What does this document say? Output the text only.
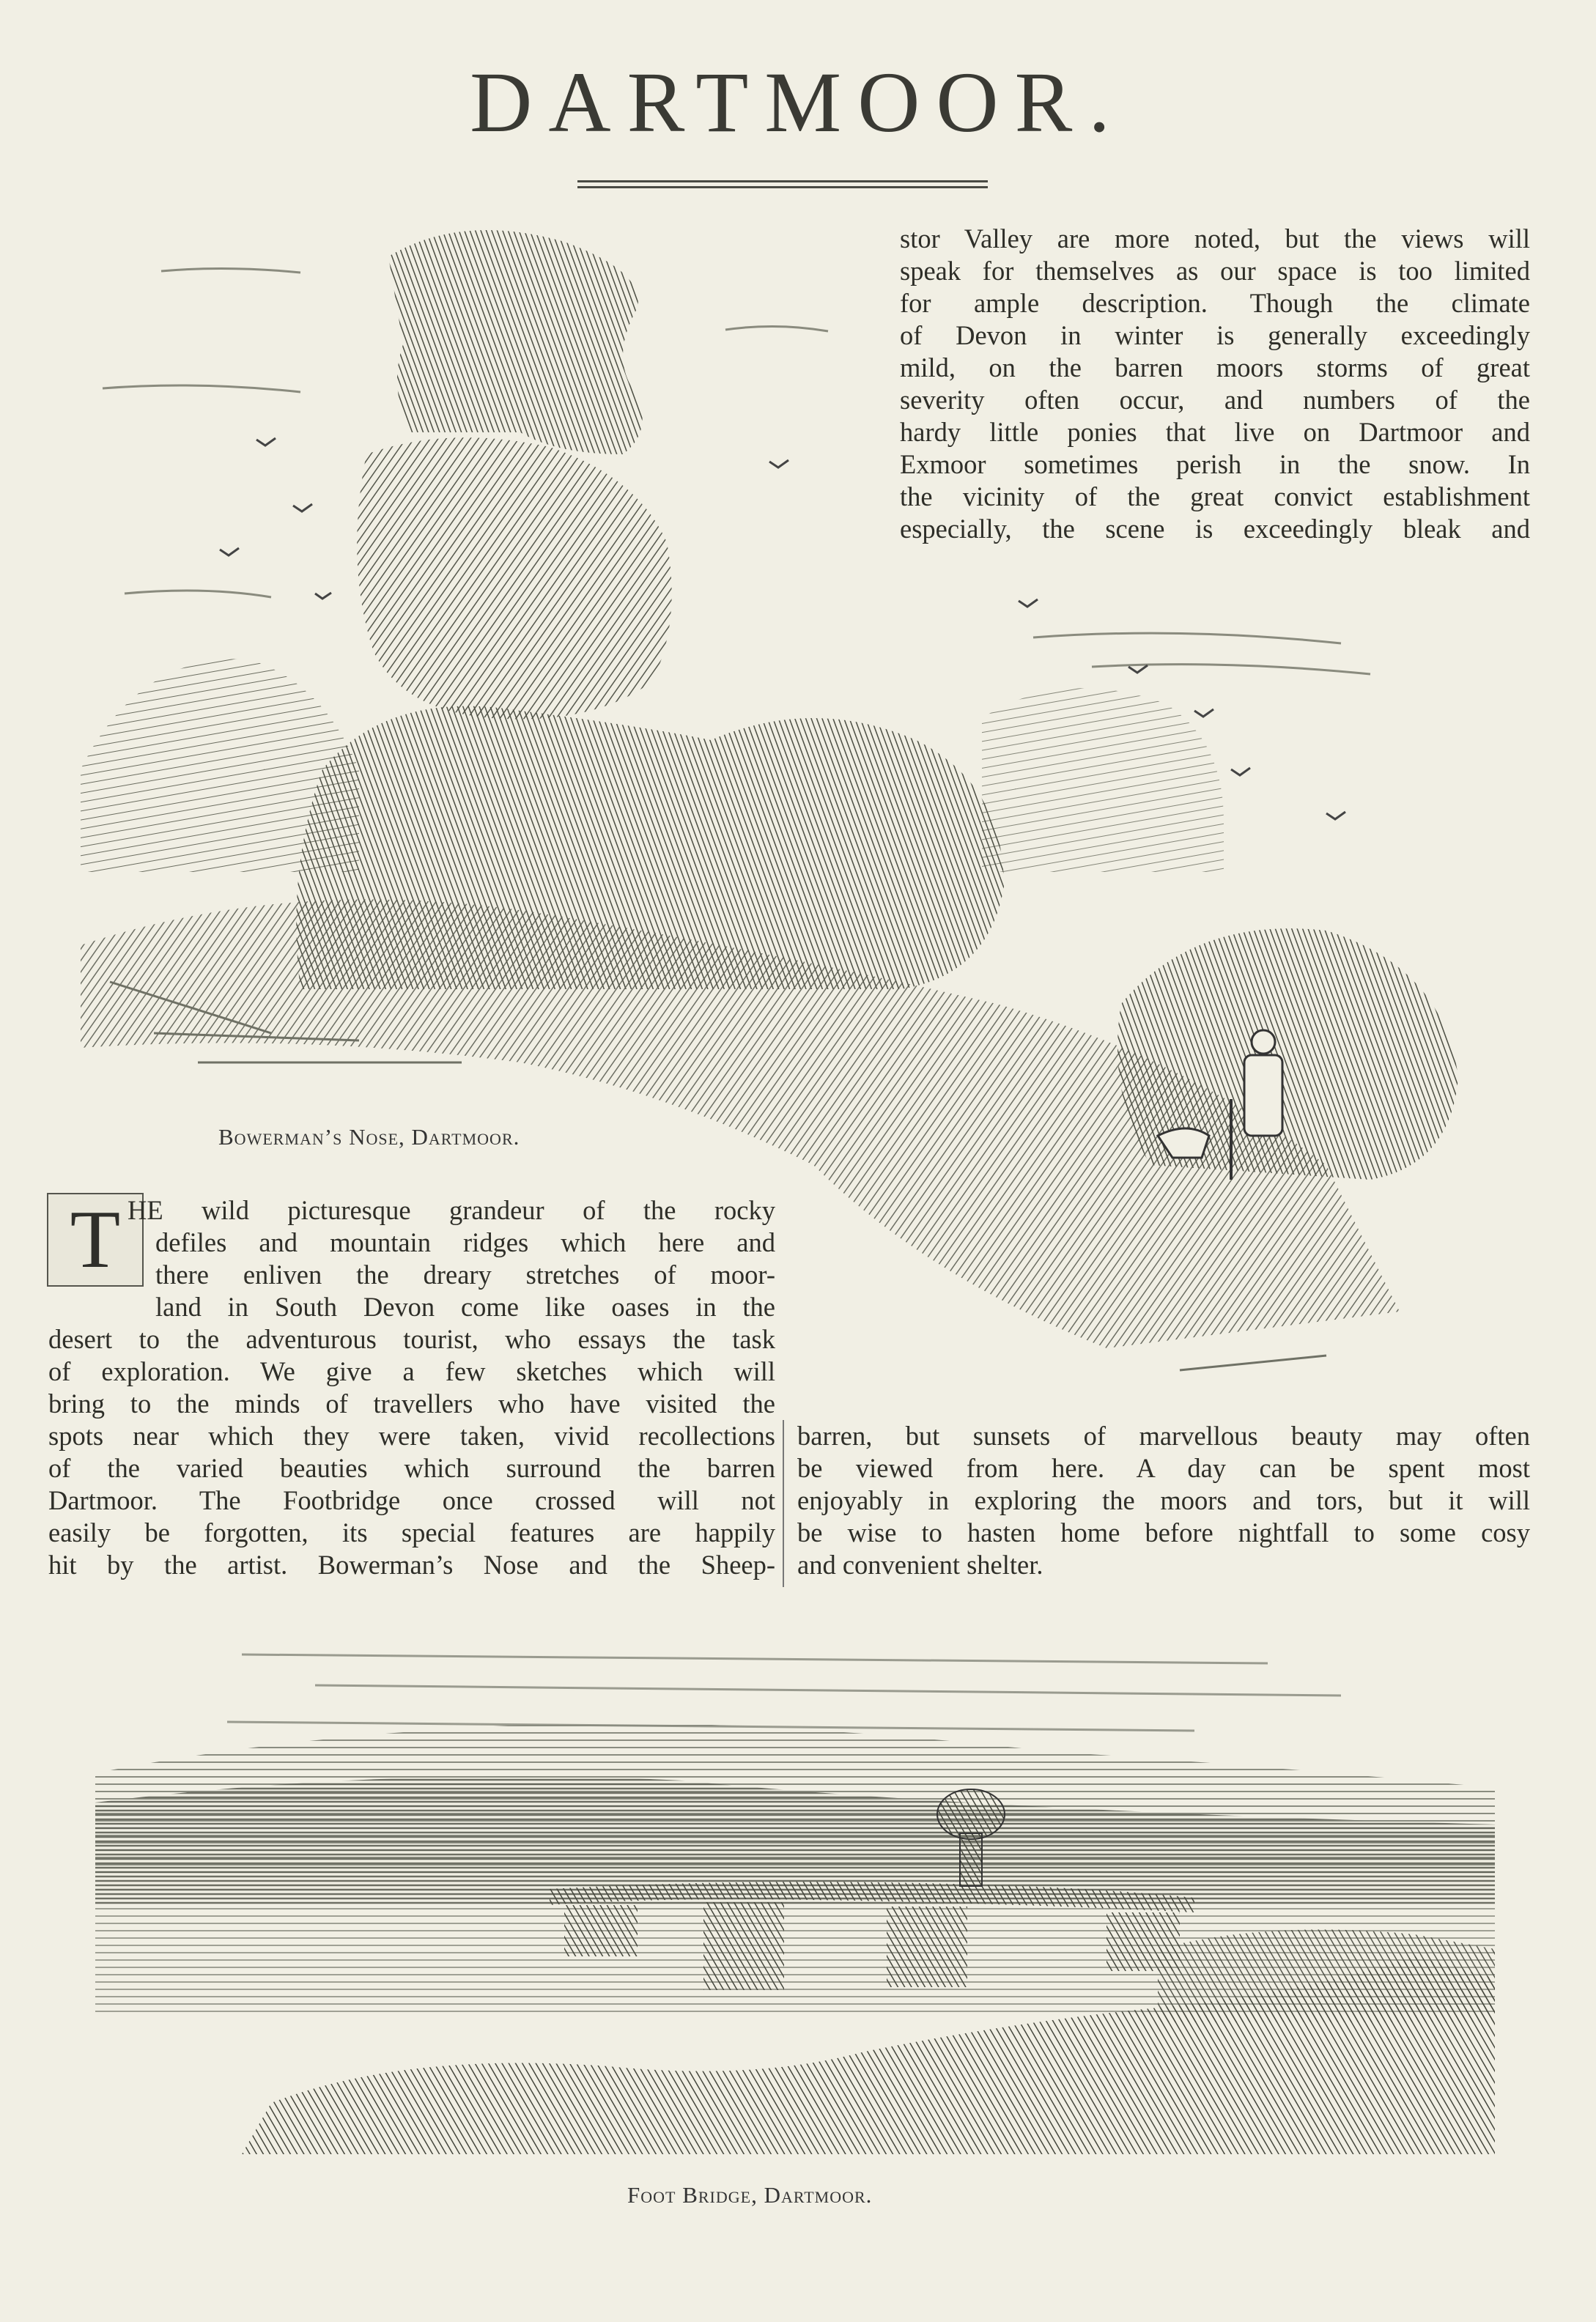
DARTMOOR.
Bowerman’s Nose, Dartmoor.
stor Valley are more noted, but the views will
speak for themselves as our space is too limited
for ample description. Though the climate
of Devon in winter is generally exceedingly
mild, on the barren moors storms of great
severity often occur, and numbers of the
hardy little ponies that live on Dartmoor and
Exmoor sometimes perish in the snow. In
the vicinity of the great convict establishment
especially, the scene is exceedingly bleak and
T HE wild picturesque grandeur of the rocky
defiles and mountain ridges which here and
there enliven the dreary stretches of moor-
land in South Devon come like oases in the
desert to the adventurous tourist, who essays the task
of exploration. We give a few sketches which will
bring to the minds of travellers who have visited the
spots near which they were taken, vivid recollections
of the varied beauties which surround the barren
Dartmoor. The Footbridge once crossed will not
easily be forgotten, its special features are happily
hit by the artist. Bowerman’s Nose and the Sheep-
barren, but sunsets of marvellous beauty may often
be viewed from here. A day can be spent most
enjoyably in exploring the moors and tors, but it will
be wise to hasten home before nightfall to some cosy
and convenient shelter.
Foot Bridge, Dartmoor.
